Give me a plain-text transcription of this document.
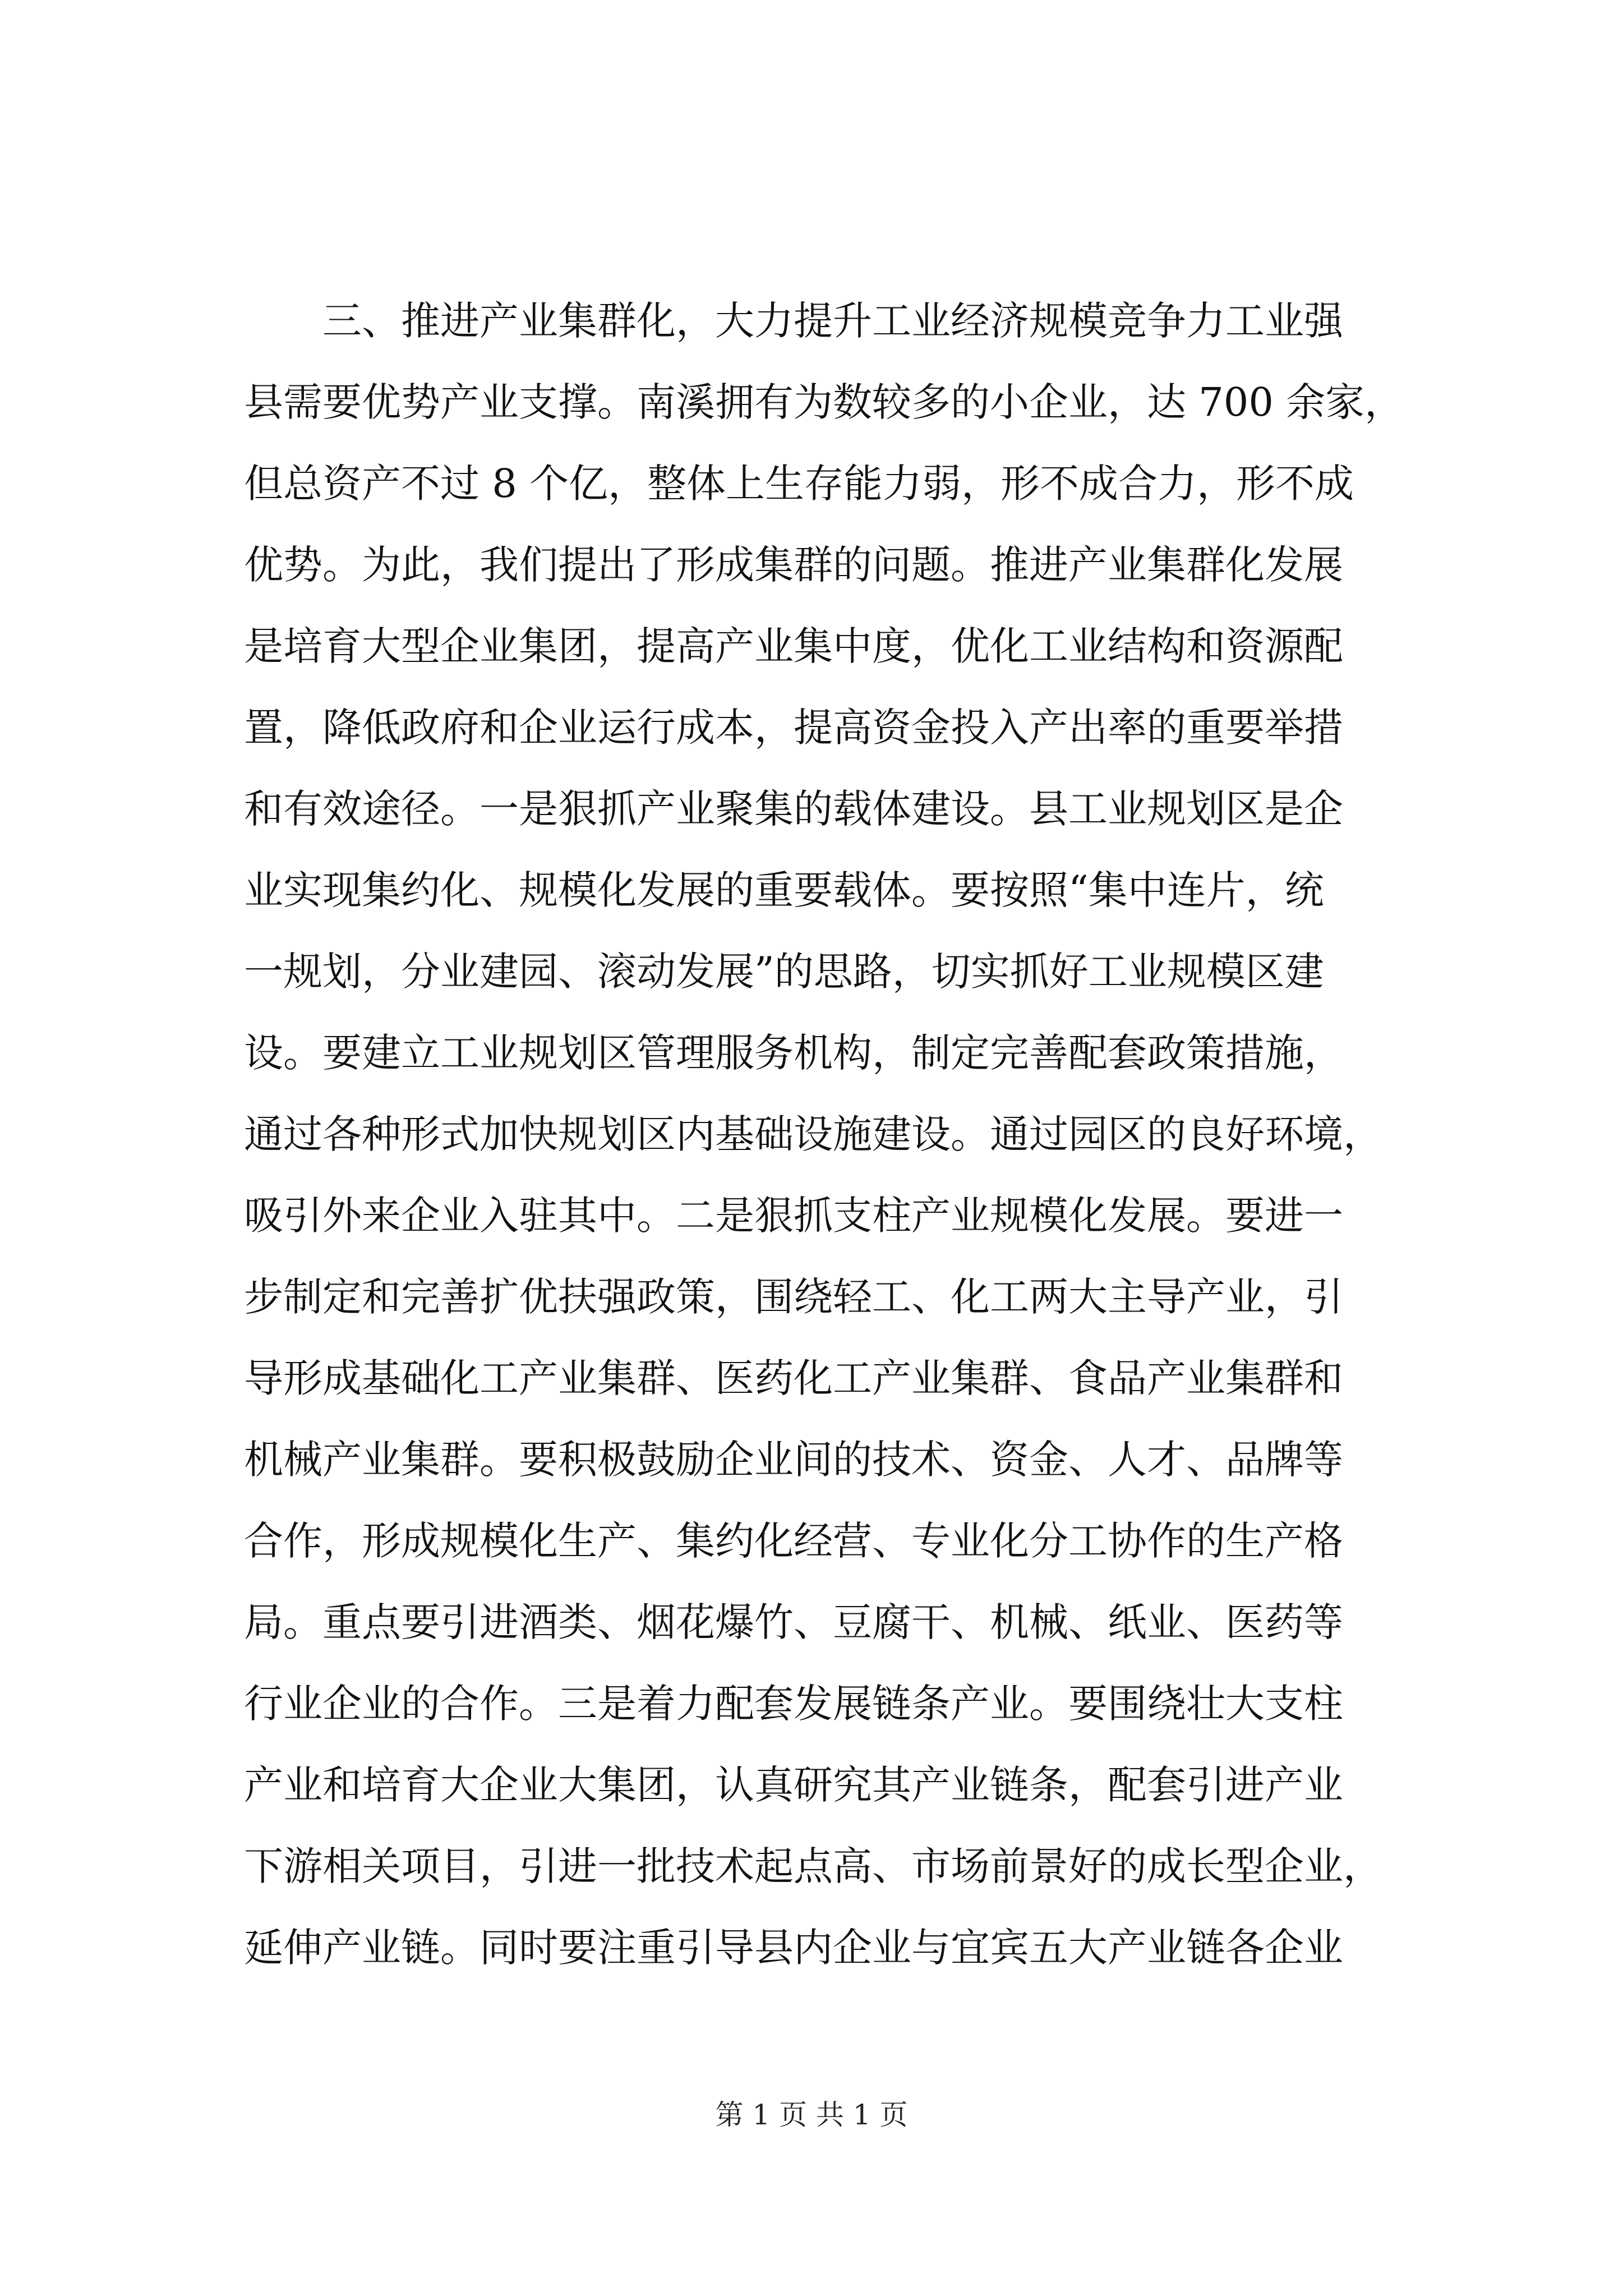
三、推进产业集群化，大力提升工业经济规模竞争力工业强
县需要优势产业支撑。南溪拥有为数较多的小企业，达 700 余家，
但总资产不过 8 个亿，整体上生存能力弱，形不成合力，形不成
优势。为此，我们提出了形成集群的问题。推进产业集群化发展
是培育大型企业集团，提高产业集中度，优化工业结构和资源配
置，降低政府和企业运行成本，提高资金投入产出率的重要举措
和有效途径。一是狠抓产业聚集的载体建设。县工业规划区是企
业实现集约化、规模化发展的重要载体。要按照“集中连片，统
一规划，分业建园、滚动发展”的思路，切实抓好工业规模区建
设。要建立工业规划区管理服务机构，制定完善配套政策措施，
通过各种形式加快规划区内基础设施建设。通过园区的良好环境，
吸引外来企业入驻其中。二是狠抓支柱产业规模化发展。要进一
步制定和完善扩优扶强政策，围绕轻工、化工两大主导产业，引
导形成基础化工产业集群、医药化工产业集群、食品产业集群和
机械产业集群。要积极鼓励企业间的技术、资金、人才、品牌等
合作，形成规模化生产、集约化经营、专业化分工协作的生产格
局。重点要引进酒类、烟花爆竹、豆腐干、机械、纸业、医药等
行业企业的合作。三是着力配套发展链条产业。要围绕壮大支柱
产业和培育大企业大集团，认真研究其产业链条，配套引进产业
下游相关项目，引进一批技术起点高、市场前景好的成长型企业，
延伸产业链。同时要注重引导县内企业与宜宾五大产业链各企业
第 1 页 共 1 页
